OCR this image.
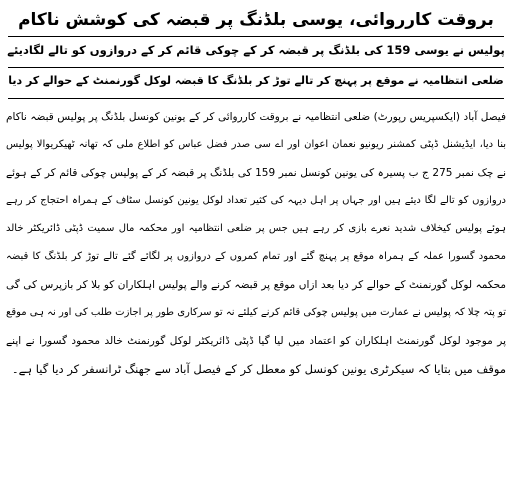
بروقت کارروائی، یوسی بلڈنگ پر قبضہ کی کوشش ناکام
پولیس نے یوسی 159 کی بلڈنگ پر قبضہ کر کے چوکی قائم کر کے دروازوں کو تالے لگادیئے
ضلعی انتظامیہ نے موقع پر پہنچ کر تالے توڑ کر بلڈنگ کا قبضہ لوکل گورنمنٹ کے حوالے کر دیا
فیصل آباد (ایکسپریس رپورٹ) ضلعی انتظامیہ نے بروقت کارروائی کر کے یونین کونسل بلڈنگ پر پولیس قبضہ ناکام
بنا دیا، ایڈیشنل ڈپٹی کمشنر ریونیو نعمان اعوان اور اے سی صدر فضل عباس کو اطلاع ملی کہ تھانہ ٹھیکریوالا پولیس
نے چک نمبر 275 ج ب پسیرہ کی یونین کونسل نمبر 159 کی بلڈنگ پر قبضہ کر کے پولیس چوکی قائم کر کے ہوئے
دروازوں کو تالے لگا دیئے ہیں اور جہاں پر اہل دیہہ کی کثیر تعداد لوکل یونین کونسل سٹاف کے ہمراہ احتجاج کر رہے
ہوئے پولیس کیخلاف شدید نعرے بازی کر رہے ہیں جس پر ضلعی انتظامیہ اور محکمہ مال سمیت ڈپٹی ڈائریکٹر خالد
محمود گسورا عملہ کے ہمراہ موقع پر پہنچ گئے اور تمام کمروں کے دروازوں پر لگائے گئے تالے توڑ کر بلڈنگ کا قبضہ
محکمہ لوکل گورنمنٹ کے حوالے کر دیا بعد ازاں موقع پر قبضہ کرنے والے پولیس اہلکاران کو بلا کر بازپرس کی گی
تو پتہ چلا کہ پولیس نے عمارت میں پولیس چوکی قائم کرنے کیلئے نہ تو سرکاری طور پر اجازت طلب کی اور نہ ہی موقع
پر موجود لوکل گورنمنٹ اہلکاران کو اعتماد میں لیا گیا ڈپٹی ڈائریکٹر لوکل گورنمنٹ خالد محمود گسورا نے اپنے
موقف میں بتایا کہ سیکرٹری یونین کونسل کو معطل کر کے فیصل آباد سے جھنگ ٹرانسفر کر دیا گیا ہے۔
